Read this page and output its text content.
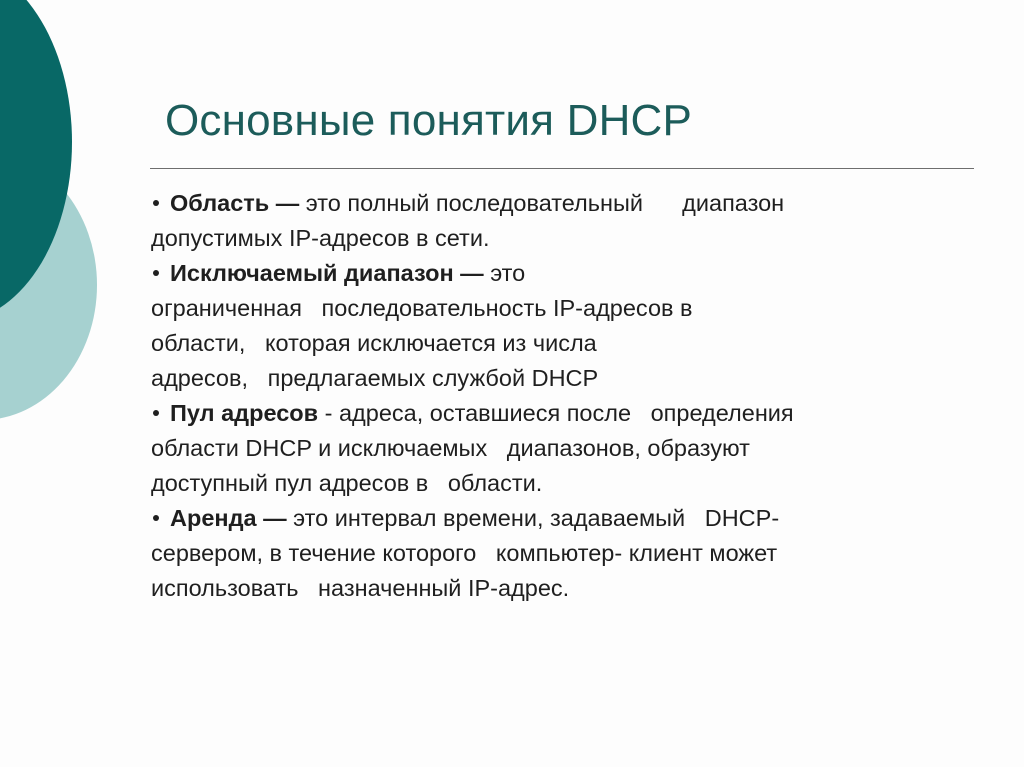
Основные понятия DHCP
Область — это полный последовательный      диапазон
допустимых IP-адресов в сети.
Исключаемый диапазон — это
ограниченная   последовательность IP-адресов в
области,   которая исключается из числа
адресов,   предлагаемых службой DHCP
Пул адресов - адреса, оставшиеся после   определения
области DHCP и исключаемых   диапазонов, образуют
доступный пул адресов в   области.
Аренда — это интервал времени, задаваемый   DHCP-
сервером, в течение которого   компьютер- клиент может
использовать   назначенный IP-адрес.
